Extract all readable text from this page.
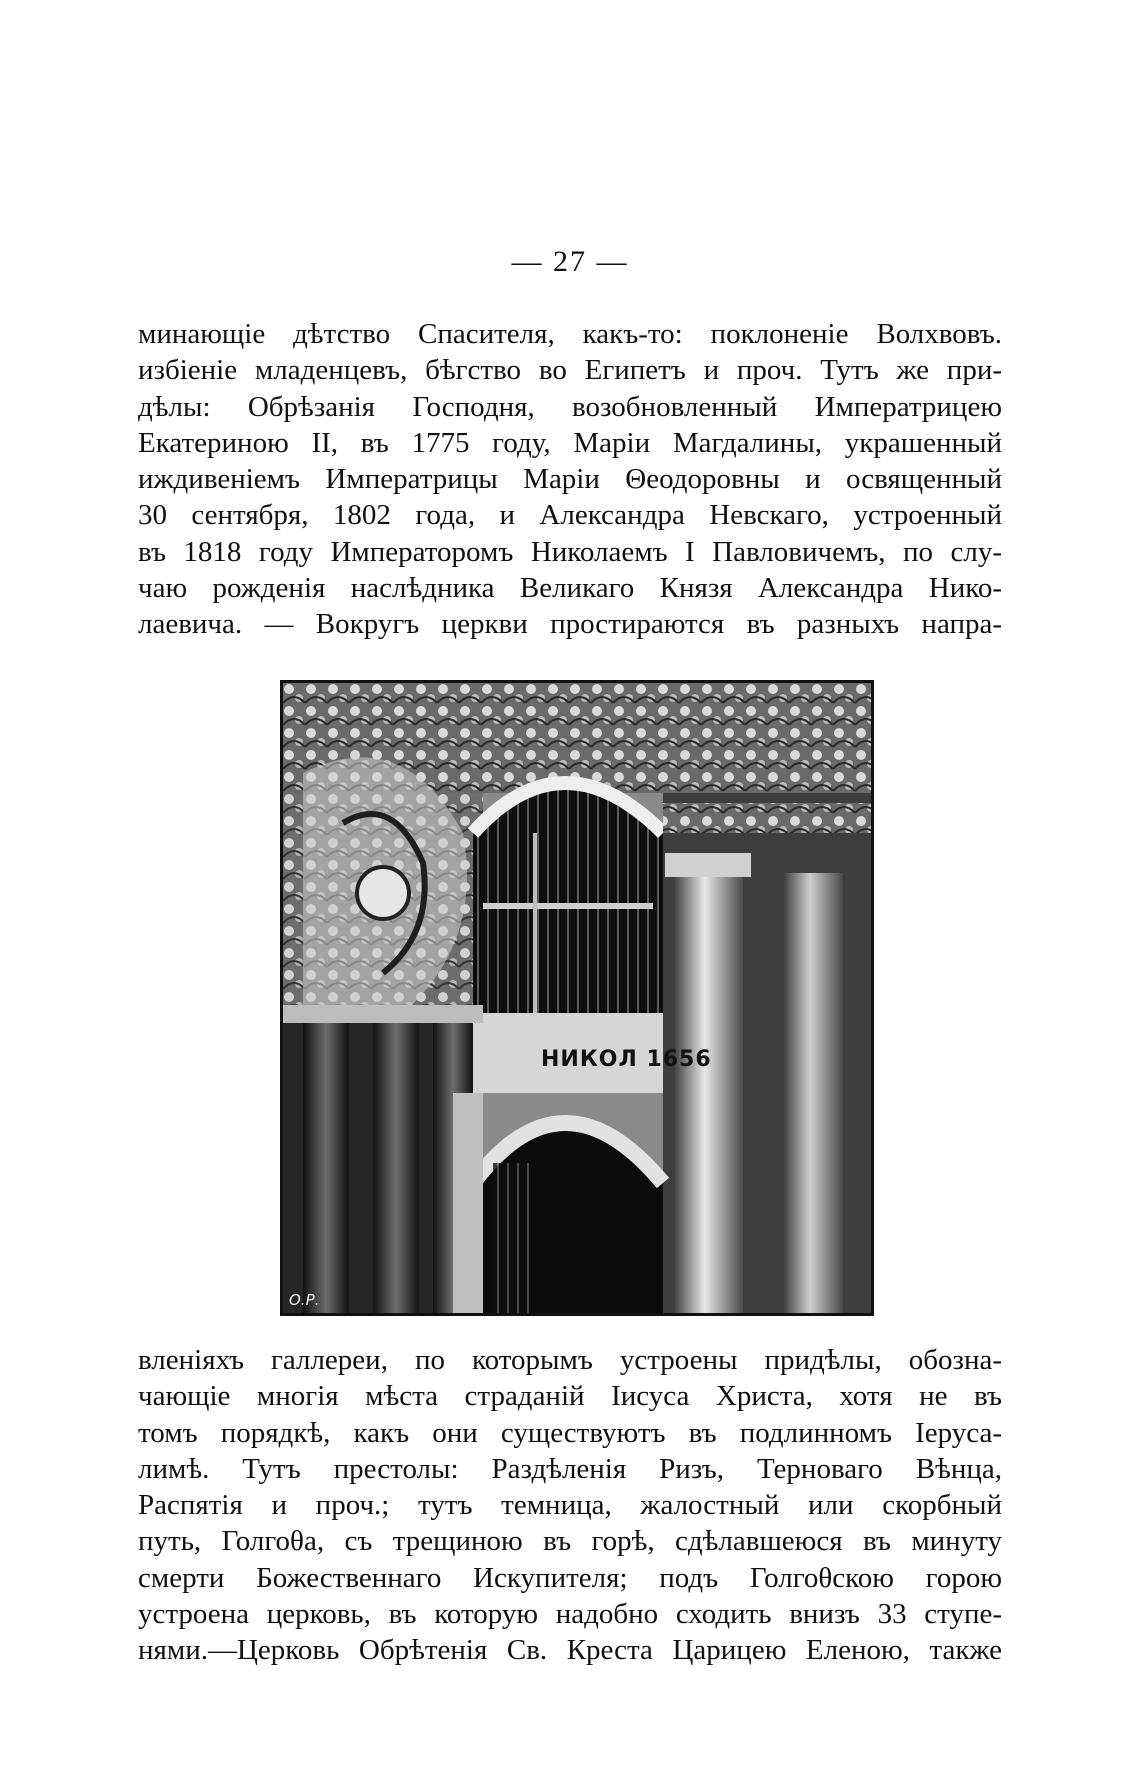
— 27 —

минающіе дѣтство Спасителя, какъ-то: поклоненіе Волхвовъ.
избіеніе младенцевъ, бѣгство во Египетъ и проч. Тутъ же при-
дѣлы: Обрѣзанія Господня, возобновленный Императрицею
Екатериною II, въ 1775 году, Маріи Магдалины, украшенный
иждивеніемъ Императрицы Маріи Θеодоровны и освященный
30 сентября, 1802 года, и Александра Невскаго, устроенный
въ 1818 году Императоромъ Николаемъ I Павловичемъ, по слу-
чаю рожденія наслѣдника Великаго Князя Александра Нико-
лаевича. — Вокругъ церкви простираются въ разныхъ напра-

НИКОЛ 1656
О.Р.

вленіяхъ галлереи, по которымъ устроены придѣлы, обозна-
чающіе многія мѣста страданій Іисуса Христа, хотя не въ
томъ порядкѣ, какъ они существуютъ въ подлинномъ Іеруса-
лимѣ. Тутъ престолы: Раздѣленія Ризъ, Терноваго Вѣнца,
Распятія и проч.; тутъ темница, жалостный или скорбный
путь, Голгоθа, съ трещиною въ горѣ, сдѣлавшеюся въ минуту
смерти Божественнаго Искупителя; подъ Голгоθскою горою
устроена церковь, въ которую надобно сходить внизъ 33 ступе-
нями.—Церковь Обрѣтенія Св. Креста Царицею Еленою, также
